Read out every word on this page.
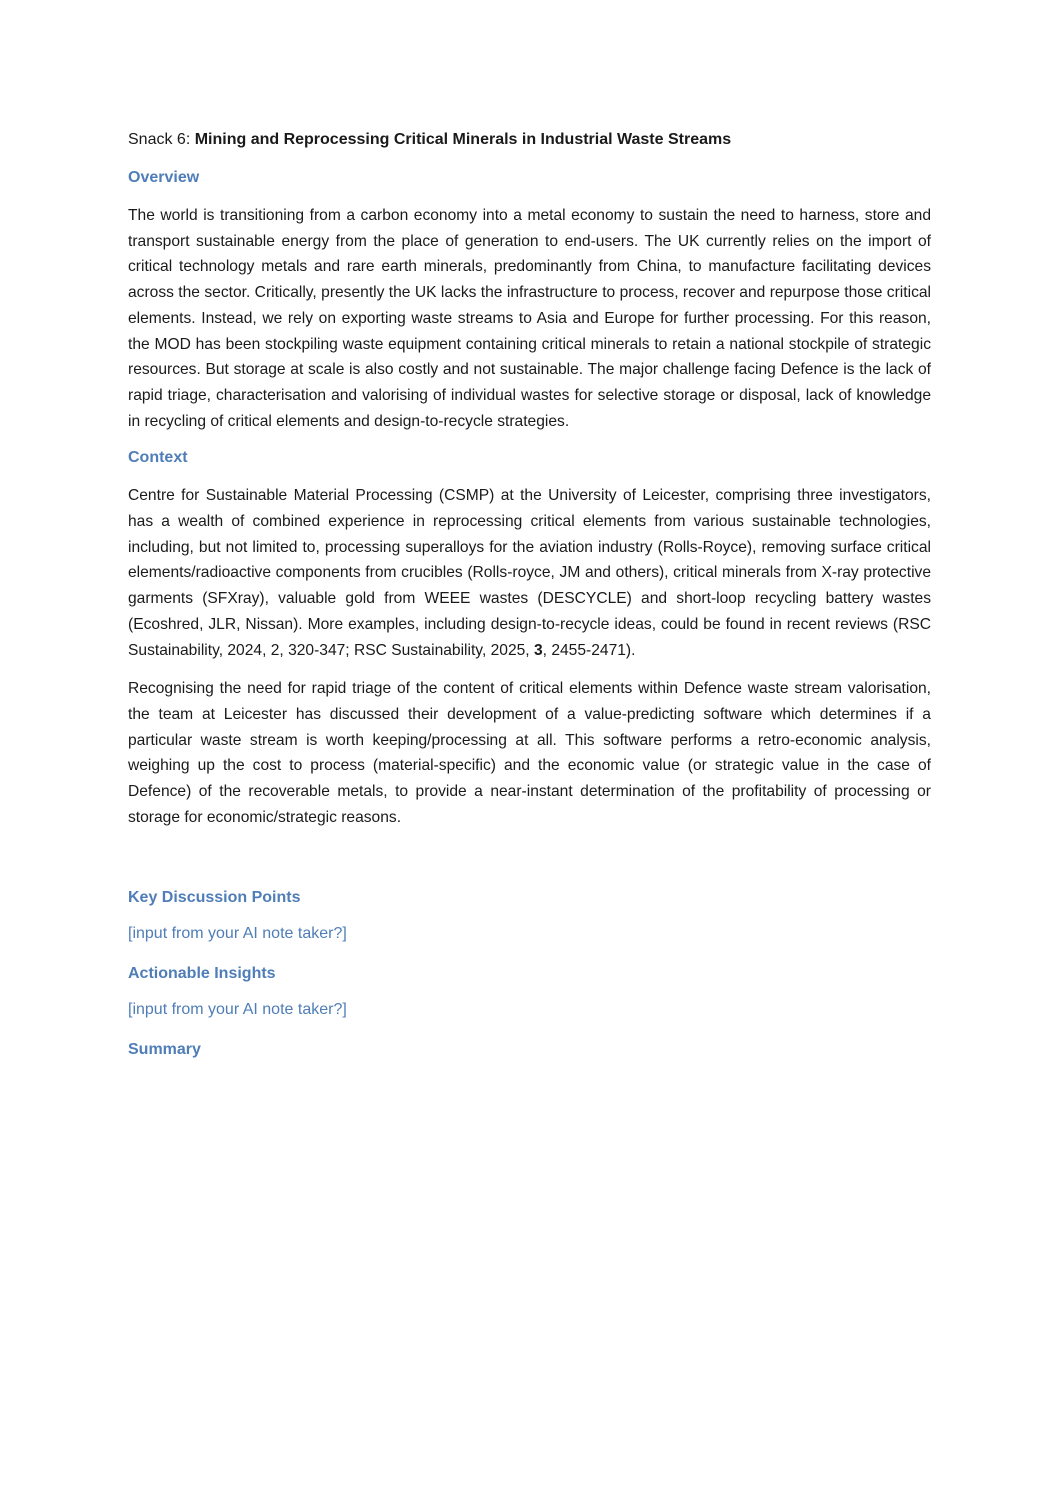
Snack 6: Mining and Reprocessing Critical Minerals in Industrial Waste Streams
Overview

The world is transitioning from a carbon economy into a metal economy to sustain the need to harness, store and transport sustainable energy from the place of generation to end-users. The UK currently relies on the import of critical technology metals and rare earth minerals, predominantly from China, to manufacture facilitating devices across the sector. Critically, presently the UK lacks the infrastructure to process, recover and repurpose those critical elements. Instead, we rely on exporting waste streams to Asia and Europe for further processing. For this reason, the MOD has been stockpiling waste equipment containing critical minerals to retain a national stockpile of strategic resources. But storage at scale is also costly and not sustainable. The major challenge facing Defence is the lack of rapid triage, characterisation and valorising of individual wastes for selective storage or disposal, lack of knowledge in recycling of critical elements and design-to-recycle strategies.

Context

Centre for Sustainable Material Processing (CSMP) at the University of Leicester, comprising three investigators, has a wealth of combined experience in reprocessing critical elements from various sustainable technologies, including, but not limited to, processing superalloys for the aviation industry (Rolls-Royce), removing surface critical elements/radioactive components from crucibles (Rolls-royce, JM and others), critical minerals from X-ray protective garments (SFXray), valuable gold from WEEE wastes (DESCYCLE) and short-loop recycling battery wastes (Ecoshred, JLR, Nissan). More examples, including design-to-recycle ideas, could be found in recent reviews (RSC Sustainability, 2024, 2, 320-347; RSC Sustainability, 2025, 3, 2455-2471).

Recognising the need for rapid triage of the content of critical elements within Defence waste stream valorisation, the team at Leicester has discussed their development of a value-predicting software which determines if a particular waste stream is worth keeping/processing at all. This software performs a retro-economic analysis, weighing up the cost to process (material-specific) and the economic value (or strategic value in the case of Defence) of the recoverable metals, to provide a near-instant determination of the profitability of processing or storage for economic/strategic reasons.

Key Discussion Points
[input from your AI note taker?]
Actionable Insights
[input from your AI note taker?]
Summary
